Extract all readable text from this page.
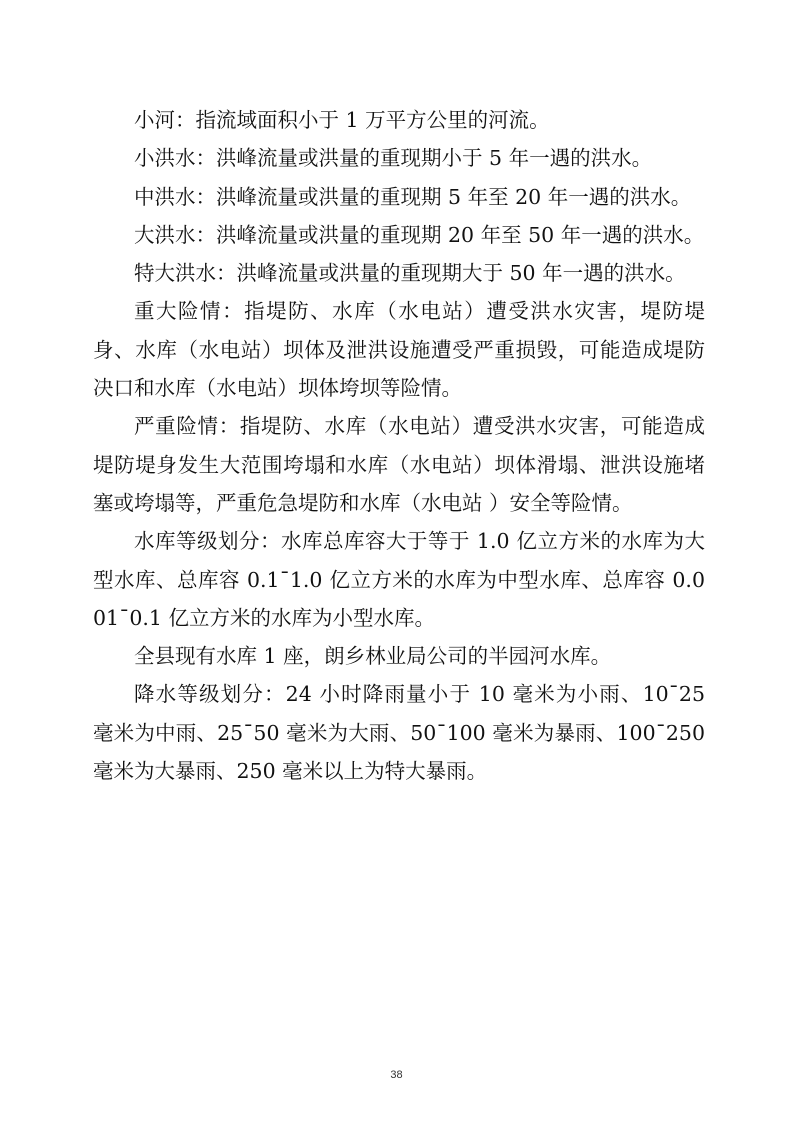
小河：指流域面积小于 1 万平方公里的河流。

小洪水：洪峰流量或洪量的重现期小于 5 年一遇的洪水。

中洪水：洪峰流量或洪量的重现期 5 年至 20 年一遇的洪水。

大洪水：洪峰流量或洪量的重现期 20 年至 50 年一遇的洪水。

特大洪水：洪峰流量或洪量的重现期大于 50 年一遇的洪水。

重大险情：指堤防、水库（水电站）遭受洪水灾害，堤防堤身、水库（水电站）坝体及泄洪设施遭受严重损毁，可能造成堤防决口和水库（水电站）坝体垮坝等险情。

严重险情：指堤防、水库（水电站）遭受洪水灾害，可能造成堤防堤身发生大范围垮塌和水库（水电站）坝体滑塌、泄洪设施堵塞或垮塌等，严重危急堤防和水库（水电站 ）安全等险情。

水库等级划分：水库总库容大于等于 1.0 亿立方米的水库为大型水库、总库容 0.1¯1.0 亿立方米的水库为中型水库、总库容 0.001¯0.1 亿立方米的水库为小型水库。

全县现有水库 1 座，朗乡林业局公司的半园河水库。

降水等级划分：24 小时降雨量小于 10 毫米为小雨、10¯25 毫米为中雨、25¯50 毫米为大雨、50¯100 毫米为暴雨、100¯250 毫米为大暴雨、250 毫米以上为特大暴雨。

38
